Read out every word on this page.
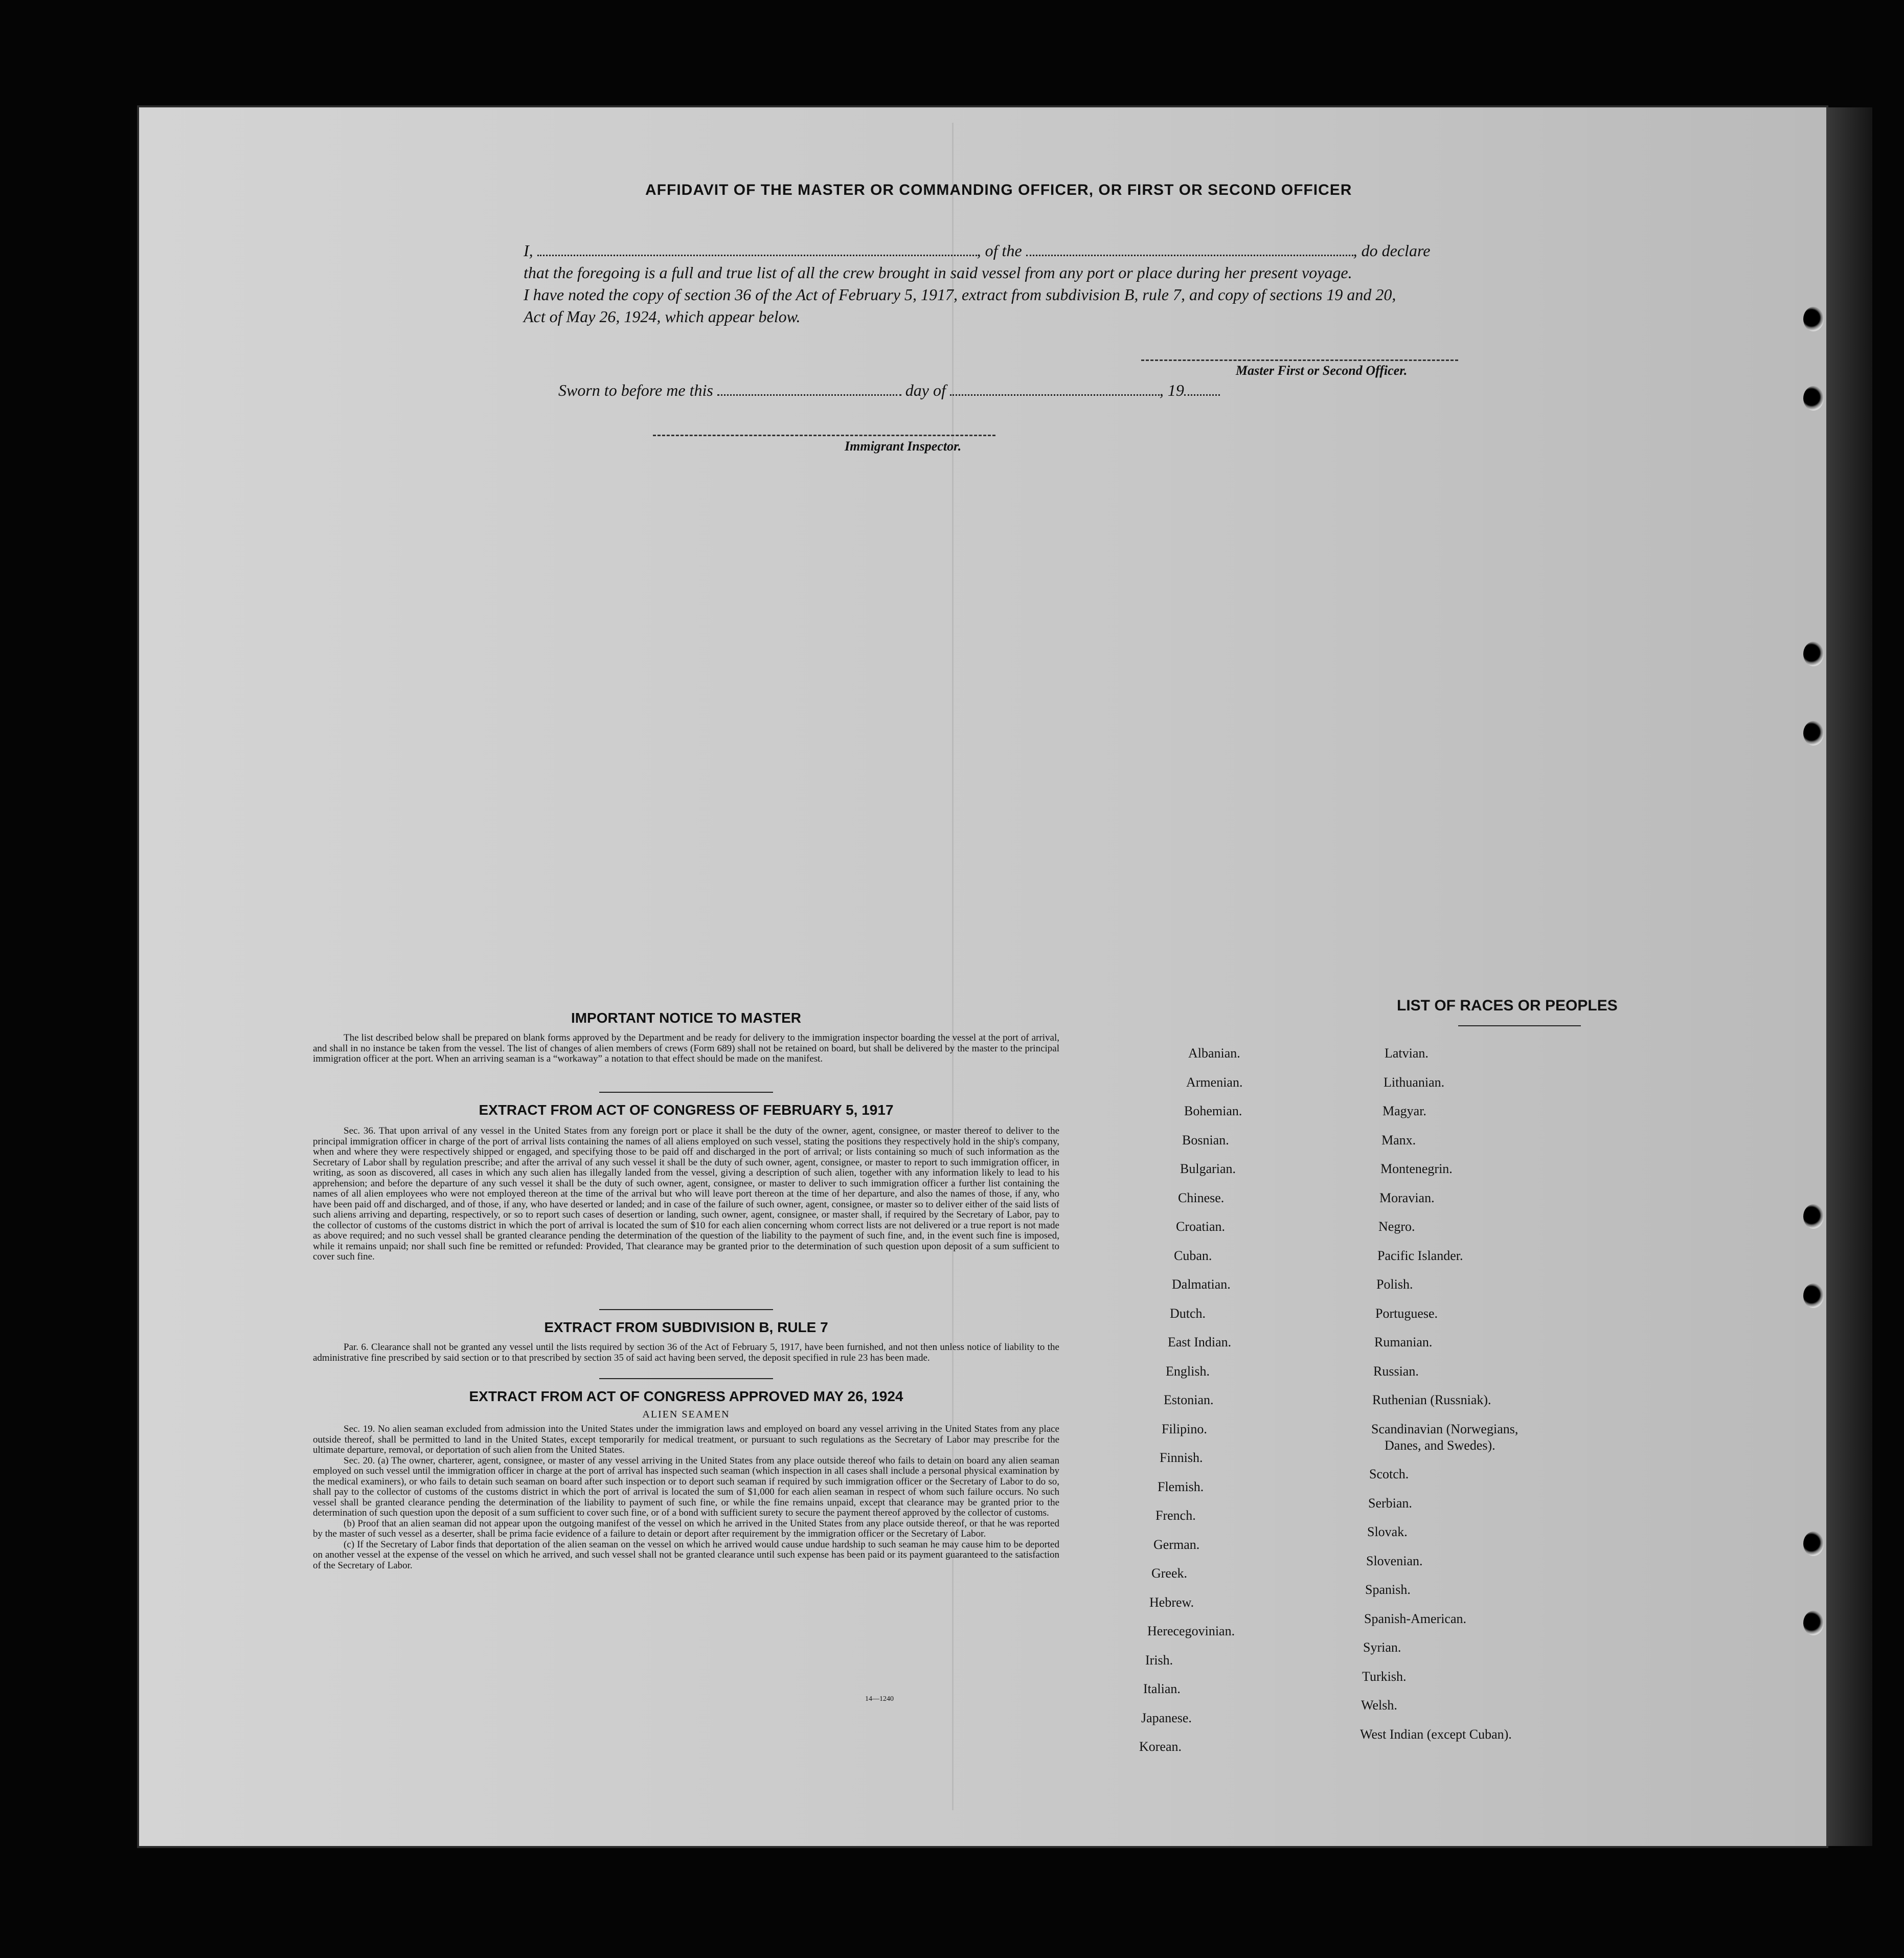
AFFIDAVIT OF THE MASTER OR COMMANDING OFFICER, OR FIRST OR SECOND OFFICER
I,	, of the	, do declare
that the foregoing is a full and true list of all the crew brought in said vessel from any port or place during her present voyage.
I have noted the copy of section 36 of the Act of February 5, 1917, extract from subdivision B, rule 7, and copy of sections 19 and 20,
Act of May 26, 1924, which appear below.
Master First or Second Officer.
Sworn to before me this	day of	, 19
Immigrant Inspector.
IMPORTANT NOTICE TO MASTER
The list described below shall be prepared on blank forms approved by the Department and be ready for delivery to the immigration inspector boarding the vessel at the port of arrival, and shall in no instance be taken from the vessel. The list of changes of alien members of crews (Form 689) shall not be retained on board, but shall be delivered by the master to the principal immigration officer at the port. When an arriving seaman is a “workaway” a notation to that effect should be made on the manifest.
EXTRACT FROM ACT OF CONGRESS OF FEBRUARY 5, 1917
Sec. 36. That upon arrival of any vessel in the United States from any foreign port or place it shall be the duty of the owner, agent, consignee, or master thereof to deliver to the principal immigration officer in charge of the port of arrival lists containing the names of all aliens employed on such vessel, stating the positions they respectively hold in the ship's company, when and where they were respectively shipped or engaged, and specifying those to be paid off and discharged in the port of arrival; or lists containing so much of such information as the Secretary of Labor shall by regulation prescribe; and after the arrival of any such vessel it shall be the duty of such owner, agent, consignee, or master to report to such immigration officer, in writing, as soon as discovered, all cases in which any such alien has illegally landed from the vessel, giving a description of such alien, together with any information likely to lead to his apprehension; and before the departure of any such vessel it shall be the duty of such owner, agent, consignee, or master to deliver to such immigration officer a further list containing the names of all alien employees who were not employed thereon at the time of the arrival but who will leave port thereon at the time of her departure, and also the names of those, if any, who have been paid off and discharged, and of those, if any, who have deserted or landed; and in case of the failure of such owner, agent, consignee, or master so to deliver either of the said lists of such aliens arriving and departing, respectively, or so to report such cases of desertion or landing, such owner, agent, consignee, or master shall, if required by the Secretary of Labor, pay to the collector of customs of the customs district in which the port of arrival is located the sum of $10 for each alien concerning whom correct lists are not delivered or a true report is not made as above required; and no such vessel shall be granted clearance pending the determination of the question of the liability to the payment of such fine, and, in the event such fine is imposed, while it remains unpaid; nor shall such fine be remitted or refunded: Provided, That clearance may be granted prior to the determination of such question upon deposit of a sum sufficient to cover such fine.
EXTRACT FROM SUBDIVISION B, RULE 7
Par. 6. Clearance shall not be granted any vessel until the lists required by section 36 of the Act of February 5, 1917, have been furnished, and not then unless notice of liability to the administrative fine prescribed by said section or to that prescribed by section 35 of said act having been served, the deposit specified in rule 23 has been made.
EXTRACT FROM ACT OF CONGRESS APPROVED MAY 26, 1924
ALIEN SEAMEN

Sec. 19. No alien seaman excluded from admission into the United States under the immigration laws and employed on board any vessel arriving in the United States from any place outside thereof, shall be permitted to land in the United States, except temporarily for medical treatment, or pursuant to such regulations as the Secretary of Labor may prescribe for the ultimate departure, removal, or deportation of such alien from the United States.

Sec. 20. (a) The owner, charterer, agent, consignee, or master of any vessel arriving in the United States from any place outside thereof who fails to detain on board any alien seaman employed on such vessel until the immigration officer in charge at the port of arrival has inspected such seaman (which inspection in all cases shall include a personal physical examination by the medical examiners), or who fails to detain such seaman on board after such inspection or to deport such seaman if required by such immigration officer or the Secretary of Labor to do so, shall pay to the collector of customs of the customs district in which the port of arrival is located the sum of $1,000 for each alien seaman in respect of whom such failure occurs. No such vessel shall be granted clearance pending the determination of the liability to payment of such fine, or while the fine remains unpaid, except that clearance may be granted prior to the determination of such question upon the deposit of a sum sufficient to cover such fine, or of a bond with sufficient surety to secure the payment thereof approved by the collector of customs.

(b) Proof that an alien seaman did not appear upon the outgoing manifest of the vessel on which he arrived in the United States from any place outside thereof, or that he was reported by the master of such vessel as a deserter, shall be prima facie evidence of a failure to detain or deport after requirement by the immigration officer or the Secretary of Labor.

(c) If the Secretary of Labor finds that deportation of the alien seaman on the vessel on which he arrived would cause undue hardship to such seaman he may cause him to be deported on another vessel at the expense of the vessel on which he arrived, and such vessel shall not be granted clearance until such expense has been paid or its payment guaranteed to the satisfaction of the Secretary of Labor.

14—1240
LIST OF RACES OR PEOPLES
Albanian.
Armenian.
Bohemian.
Bosnian.
Bulgarian.
Chinese.
Croatian.
Cuban.
Dalmatian.
Dutch.
East Indian.
English.
Estonian.
Filipino.
Finnish.
Flemish.
French.
German.
Greek.
Hebrew.
Herecegovinian.
Irish.
Italian.
Japanese.
Korean.
Latvian.
Lithuanian.
Magyar.
Manx.
Montenegrin.
Moravian.
Negro.
Pacific Islander.
Polish.
Portuguese.
Rumanian.
Russian.
Ruthenian (Russniak).
Scandinavian (Norwegians,
Danes, and Swedes).
Scotch.
Serbian.
Slovak.
Slovenian.
Spanish.
Spanish-American.
Syrian.
Turkish.
Welsh.
West Indian (except Cuban).
